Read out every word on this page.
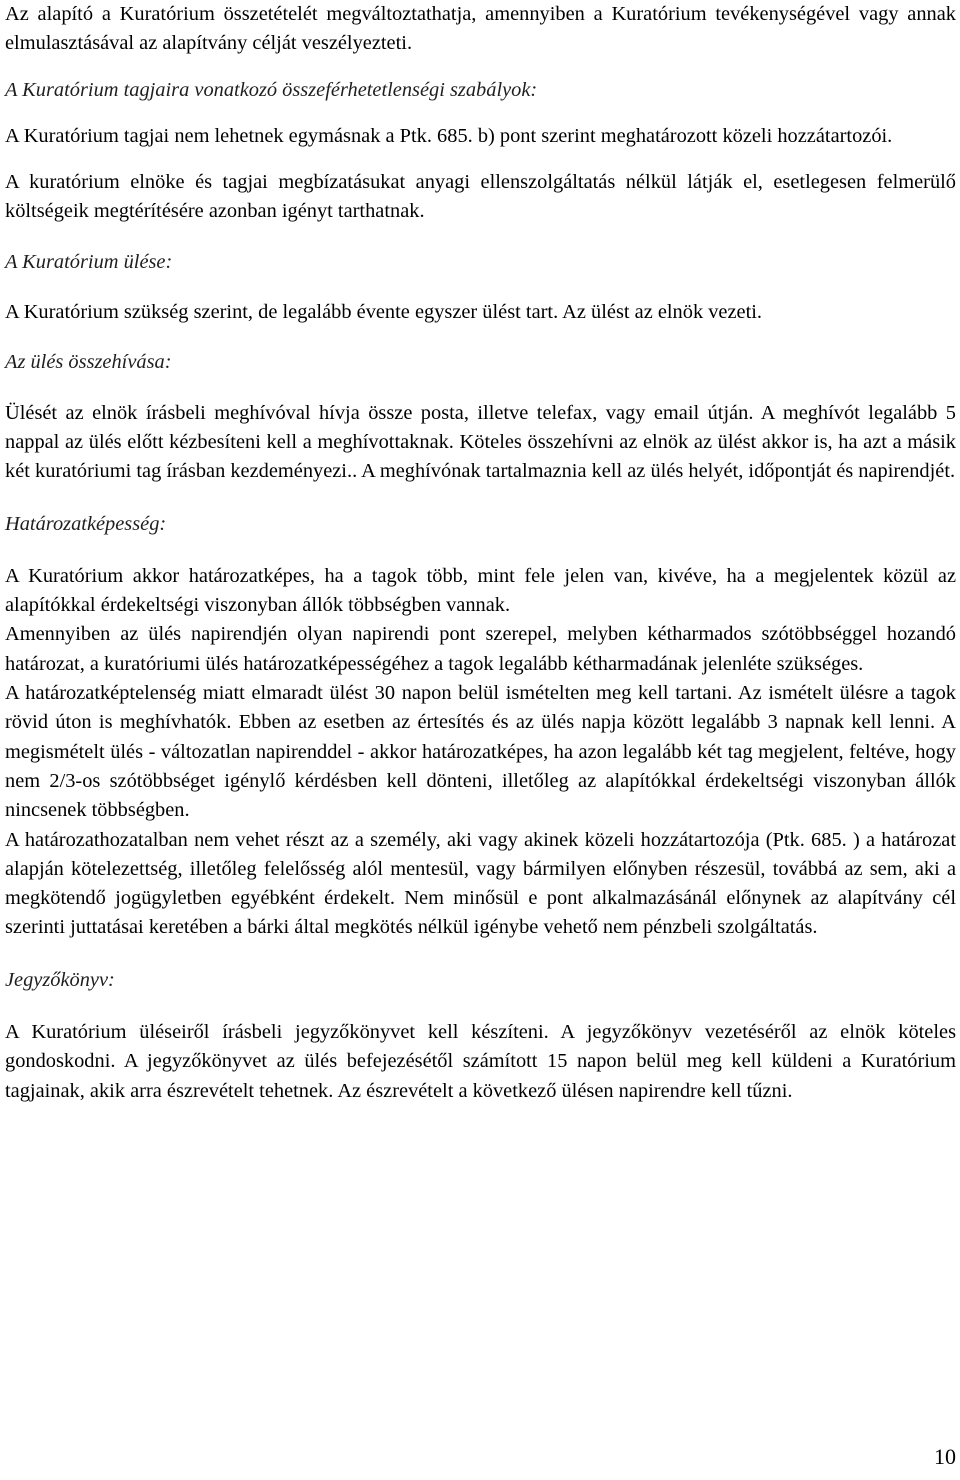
Az alapító a Kuratórium összetételét megváltoztathatja, amennyiben a Kuratórium tevékenységével vagy annak elmulasztásával az alapítvány célját veszélyezteti.

A Kuratórium tagjaira vonatkozó összeférhetetlenségi szabályok:

A Kuratórium tagjai nem lehetnek egymásnak a Ptk. 685. b) pont szerint meghatározott közeli hozzátartozói.

A kuratórium elnöke és tagjai megbízatásukat anyagi ellenszolgáltatás nélkül látják el, esetlegesen felmerülő költségeik megtérítésére azonban igényt tarthatnak.

A Kuratórium ülése:

A Kuratórium szükség szerint, de legalább évente egyszer ülést tart. Az ülést az elnök vezeti.

Az ülés összehívása:

Ülését az elnök írásbeli meghívóval hívja össze posta, illetve telefax, vagy email útján. A meghívót legalább 5 nappal az ülés előtt kézbesíteni kell a meghívottaknak. Köteles összehívni az elnök az ülést akkor is, ha azt a másik két kuratóriumi tag írásban kezdeményezi.. A meghívónak tartalmaznia kell az ülés helyét, időpontját és napirendjét.

Határozatképesség:

A Kuratórium akkor határozatképes, ha a tagok több, mint fele jelen van, kivéve, ha a megjelentek közül az alapítókkal érdekeltségi viszonyban állók többségben vannak.

Amennyiben az ülés napirendjén olyan napirendi pont szerepel, melyben kétharmados szótöbbséggel hozandó határozat, a kuratóriumi ülés határozatképességéhez a tagok legalább kétharmadának jelenléte szükséges.

A határozatképtelenség miatt elmaradt ülést 30 napon belül ismételten meg kell tartani. Az ismételt ülésre a tagok rövid úton is meghívhatók. Ebben az esetben az értesítés és az ülés napja között legalább 3 napnak kell lenni. A megismételt ülés - változatlan napirenddel - akkor határozatképes, ha azon legalább két tag megjelent, feltéve, hogy nem 2/3-os szótöbbséget igénylő kérdésben kell dönteni, illetőleg az alapítókkal érdekeltségi viszonyban állók nincsenek többségben.

A határozathozatalban nem vehet részt az a személy, aki vagy akinek közeli hozzátartozója (Ptk. 685. ) a határozat alapján kötelezettség, illetőleg felelősség alól mentesül, vagy bármilyen előnyben részesül, továbbá az sem, aki a megkötendő jogügyletben egyébként érdekelt. Nem minősül e pont alkalmazásánál előnynek az alapítvány cél szerinti juttatásai keretében a bárki által megkötés nélkül igénybe vehető nem pénzbeli szolgáltatás.

Jegyzőkönyv:

A Kuratórium üléseiről írásbeli jegyzőkönyvet kell készíteni. A jegyzőkönyv vezetéséről az elnök köteles gondoskodni. A jegyzőkönyvet az ülés befejezésétől számított 15 napon belül meg kell küldeni a Kuratórium tagjainak, akik arra észrevételt tehetnek. Az észrevételt a következő ülésen napirendre kell tűzni.

10
